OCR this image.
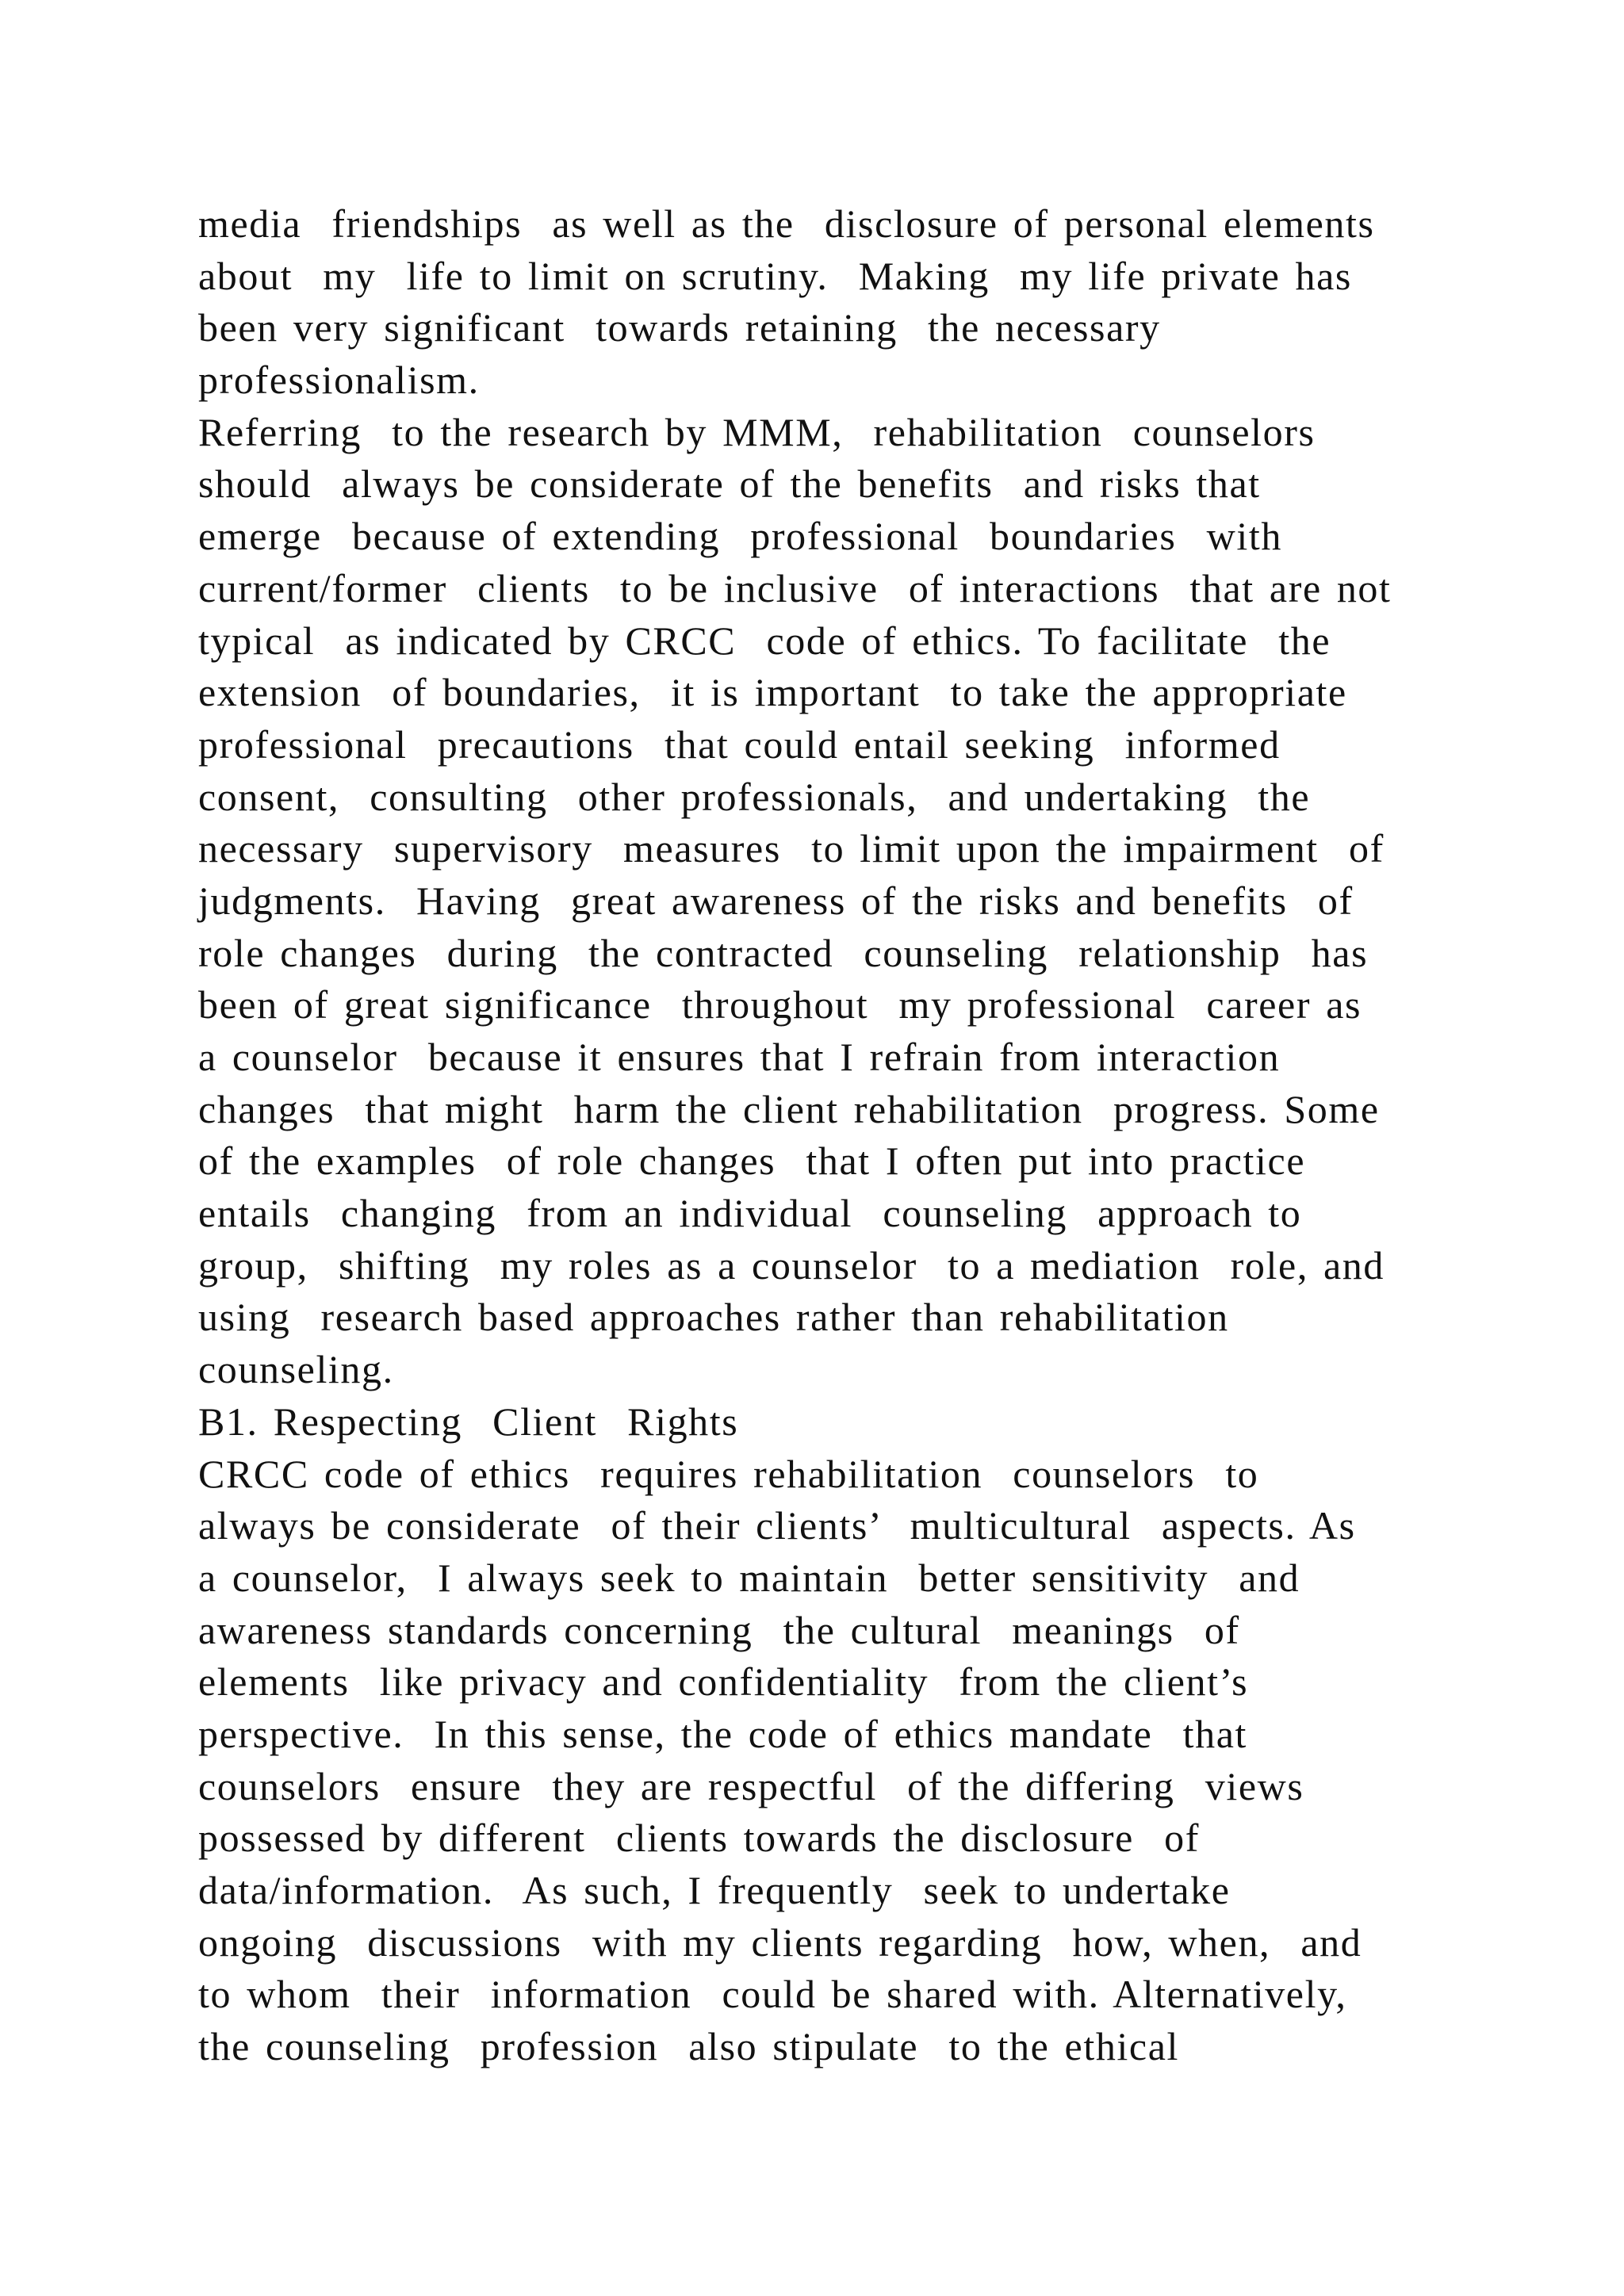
media  friendships  as well as the  disclosure of personal elements
about  my  life to limit on scrutiny.  Making  my life private has
been very significant  towards retaining  the necessary
professionalism.
Referring  to the research by MMM,  rehabilitation  counselors
should  always be considerate of the benefits  and risks that
emerge  because of extending  professional  boundaries  with
current/former  clients  to be inclusive  of interactions  that are not
typical  as indicated by CRCC  code of ethics. To facilitate  the
extension  of boundaries,  it is important  to take the appropriate
professional  precautions  that could entail seeking  informed
consent,  consulting  other professionals,  and undertaking  the
necessary  supervisory  measures  to limit upon the impairment  of
judgments.  Having  great awareness of the risks and benefits  of
role changes  during  the contracted  counseling  relationship  has
been of great significance  throughout  my professional  career as
a counselor  because it ensures that I refrain from interaction
changes  that might  harm the client rehabilitation  progress. Some
of the examples  of role changes  that I often put into practice
entails  changing  from an individual  counseling  approach to
group,  shifting  my roles as a counselor  to a mediation  role, and
using  research based approaches rather than rehabilitation
counseling.
B1. Respecting  Client  Rights
CRCC code of ethics  requires rehabilitation  counselors  to
always be considerate  of their clients’  multicultural  aspects. As
a counselor,  I always seek to maintain  better sensitivity  and
awareness standards concerning  the cultural  meanings  of
elements  like privacy and confidentiality  from the client’s
perspective.  In this sense, the code of ethics mandate  that
counselors  ensure  they are respectful  of the differing  views
possessed by different  clients towards the disclosure  of
data/information.  As such, I frequently  seek to undertake
ongoing  discussions  with my clients regarding  how, when,  and
to whom  their  information  could be shared with. Alternatively,
the counseling  profession  also stipulate  to the ethical
